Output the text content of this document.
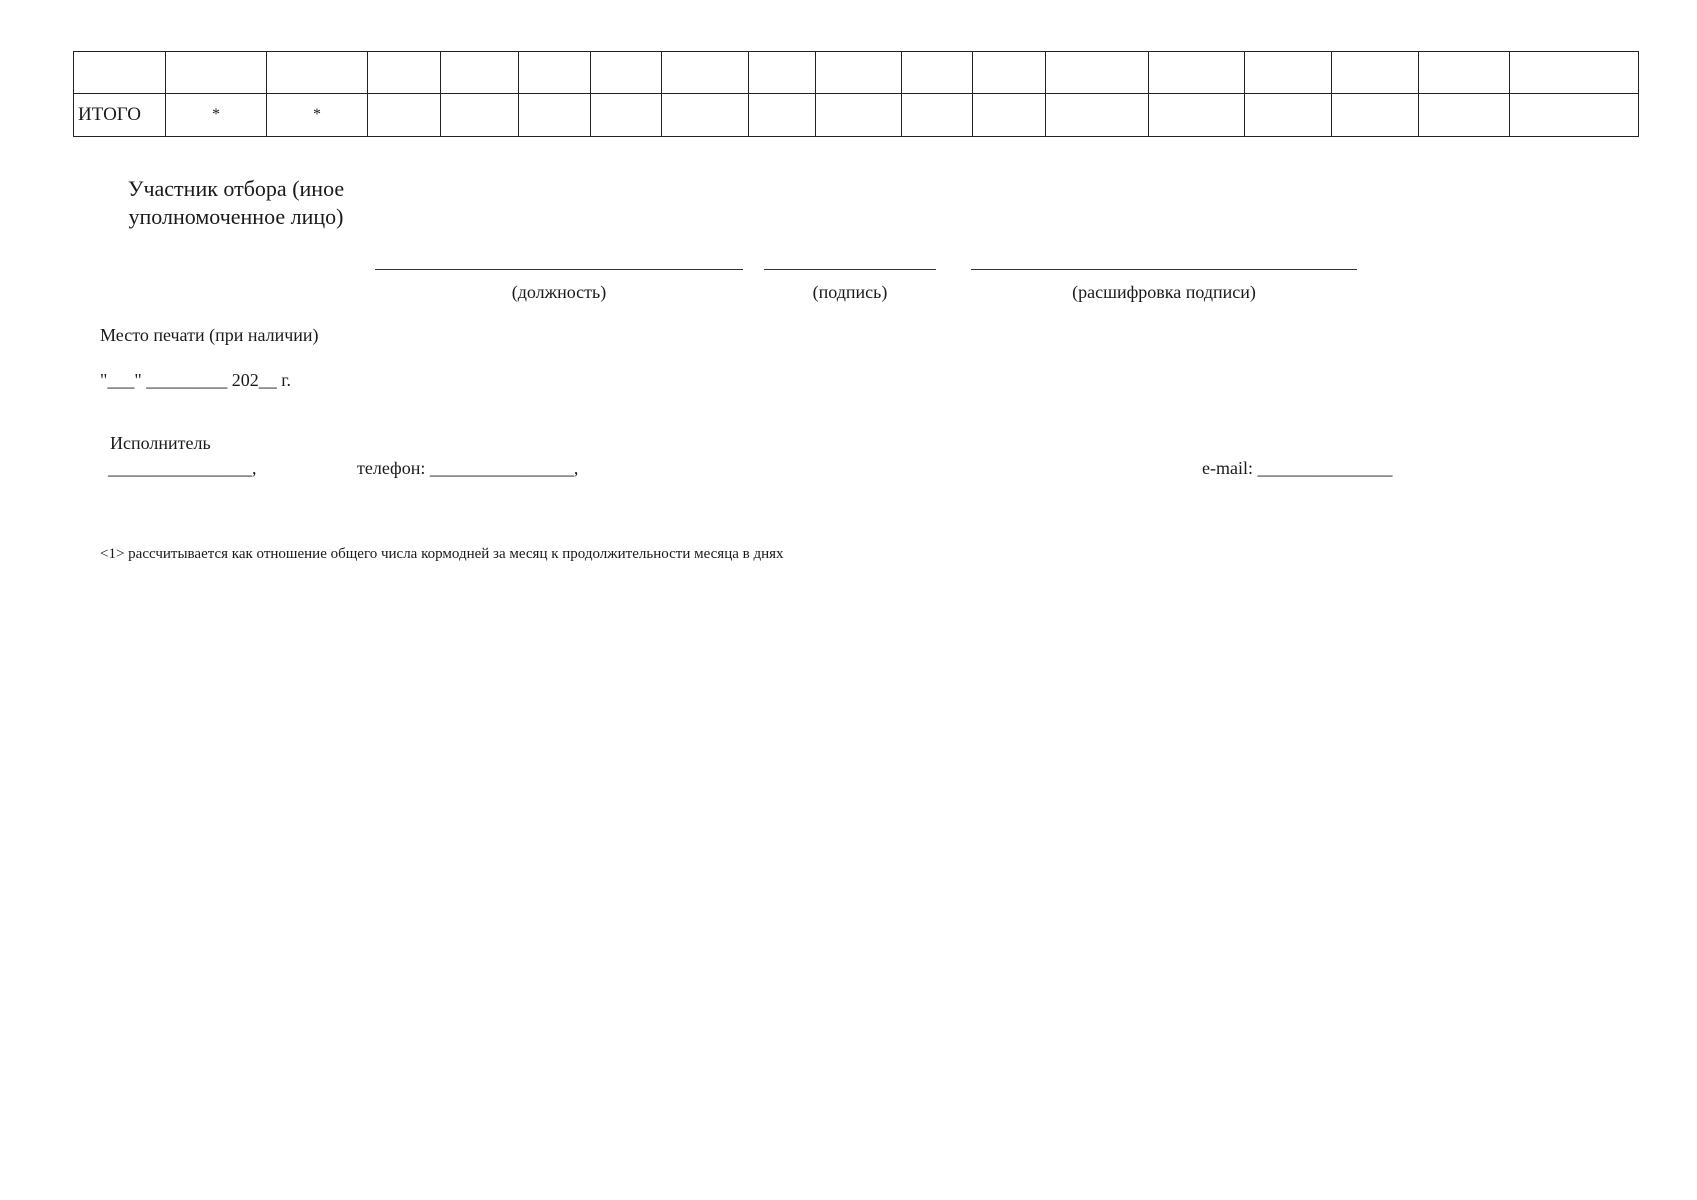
ИТОГО	*	*															
Участник отбора (иное уполномоченное лицо)
(должность)	(подпись)	(расшифровка подписи)
Место печати (при наличии)
"___" _________ 202__ г.
Исполнитель
________________,	телефон: ________________,	e-mail: _______________
<1> рассчитывается как отношение общего числа кормодней за месяц к продолжительности месяца в днях
